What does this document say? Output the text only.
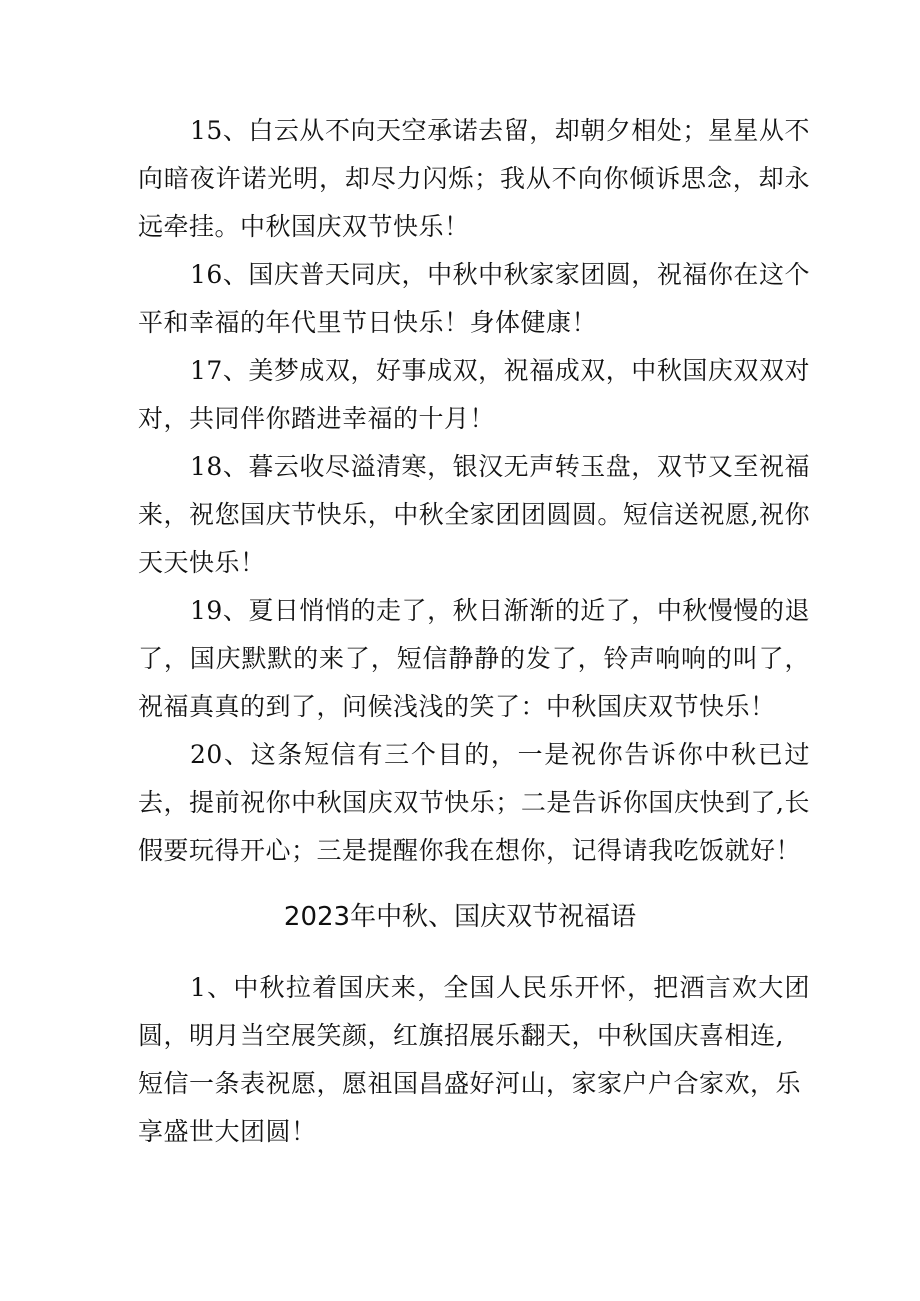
15、白云从不向天空承诺去留，却朝夕相处；星星从不向暗夜许诺光明，却尽力闪烁；我从不向你倾诉思念，却永远牵挂。中秋国庆双节快乐！

16、国庆普天同庆，中秋中秋家家团圆，祝福你在这个平和幸福的年代里节日快乐！身体健康！

17、美梦成双，好事成双，祝福成双，中秋国庆双双对对，共同伴你踏进幸福的十月！

18、暮云收尽溢清寒，银汉无声转玉盘，双节又至祝福来，祝您国庆节快乐，中秋全家团团圆圆。短信送祝愿,祝你天天快乐！

19、夏日悄悄的走了，秋日渐渐的近了，中秋慢慢的退了，国庆默默的来了，短信静静的发了，铃声响响的叫了，祝福真真的到了，问候浅浅的笑了：中秋国庆双节快乐！

20、这条短信有三个目的，一是祝你告诉你中秋已过去，提前祝你中秋国庆双节快乐；二是告诉你国庆快到了,长假要玩得开心；三是提醒你我在想你，记得请我吃饭就好！

2023年中秋、国庆双节祝福语

1、中秋拉着国庆来，全国人民乐开怀，把酒言欢大团圆，明月当空展笑颜，红旗招展乐翻天，中秋国庆喜相连,

短信一条表祝愿，愿祖国昌盛好河山，家家户户合家欢，乐享盛世大团圆！
